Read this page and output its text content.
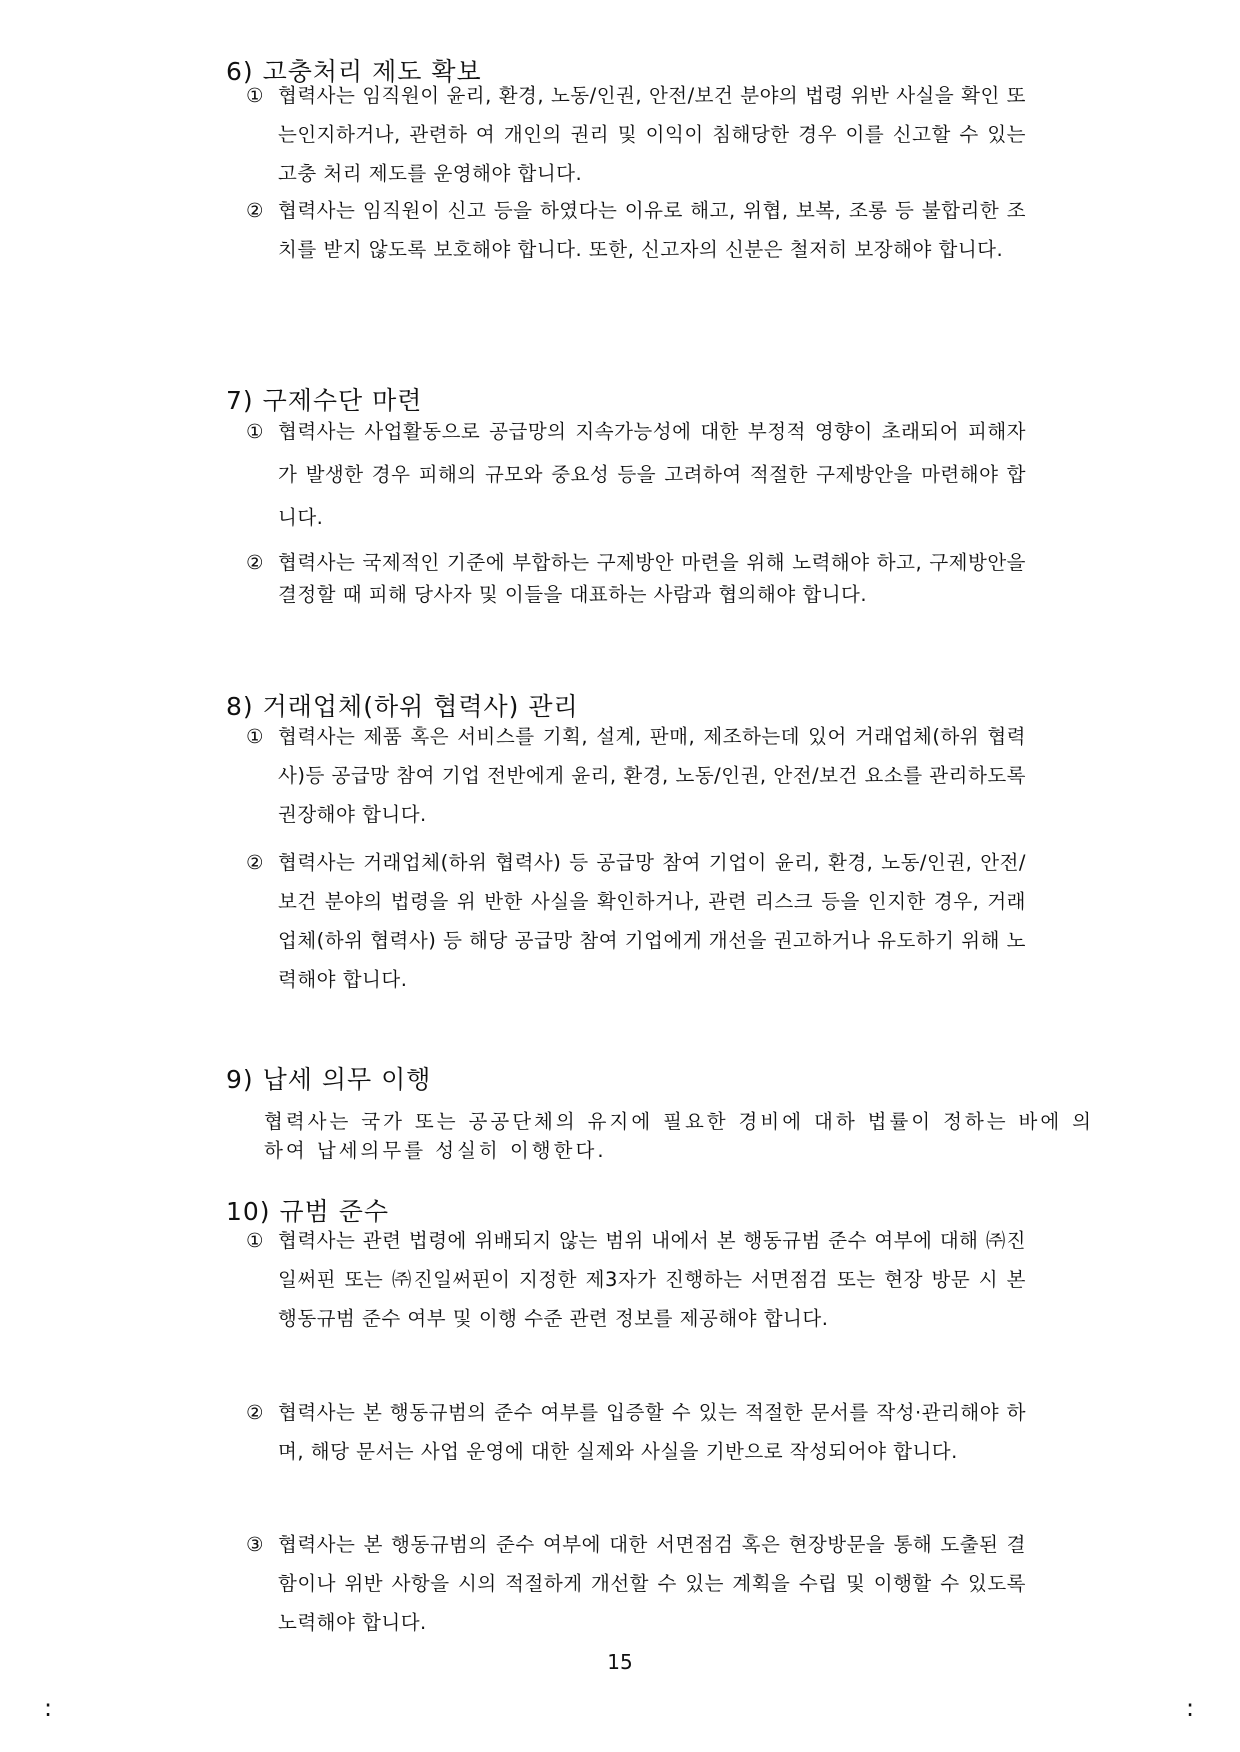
6) 고충처리 제도 확보
① 협력사는 임직원이 윤리, 환경, 노동/인권, 안전/보건 분야의 법령 위반 사실을 확인 또는인지하거나, 관련하 여 개인의 권리 및 이익이 침해당한 경우 이를 신고할 수 있는 고충 처리 제도를 운영해야 합니다.
② 협력사는 임직원이 신고 등을 하였다는 이유로 해고, 위협, 보복, 조롱 등 불합리한 조치를 받지 않도록 보호해야 합니다. 또한, 신고자의 신분은 철저히 보장해야 합니다.
7) 구제수단 마련
① 협력사는 사업활동으로 공급망의 지속가능성에 대한 부정적 영향이 초래되어 피해자가 발생한 경우 피해의 규모와 중요성 등을 고려하여 적절한 구제방안을 마련해야 합니다.
② 협력사는 국제적인 기준에 부합하는 구제방안 마련을 위해 노력해야 하고, 구제방안을 결정할 때 피해 당사자 및 이들을 대표하는 사람과 협의해야 합니다.
8) 거래업체(하위 협력사) 관리
① 협력사는 제품 혹은 서비스를 기획, 설계, 판매, 제조하는데 있어 거래업체(하위 협력사)등 공급망 참여 기업 전반에게 윤리, 환경, 노동/인권, 안전/보건 요소를 관리하도록 권장해야 합니다.
② 협력사는 거래업체(하위 협력사) 등 공급망 참여 기업이 윤리, 환경, 노동/인권, 안전/보건 분야의 법령을 위 반한 사실을 확인하거나, 관련 리스크 등을 인지한 경우, 거래업체(하위 협력사) 등 해당 공급망 참여 기업에게 개선을 권고하거나 유도하기 위해 노력해야 합니다.
9) 납세 의무 이행
협력사는 국가 또는 공공단체의 유지에 필요한 경비에 대하 법률이 정하는 바에 의하여 납세의무를 성실히 이행한다.
10) 규범 준수
① 협력사는 관련 법령에 위배되지 않는 범위 내에서 본 행동규범 준수 여부에 대해 ㈜진일써핀 또는 ㈜진일써핀이 지정한 제3자가 진행하는 서면점검 또는 현장 방문 시 본 행동규범 준수 여부 및 이행 수준 관련 정보를 제공해야 합니다.
② 협력사는 본 행동규범의 준수 여부를 입증할 수 있는 적절한 문서를 작성·관리해야 하며, 해당 문서는 사업 운영에 대한 실제와 사실을 기반으로 작성되어야 합니다.
③ 협력사는 본 행동규범의 준수 여부에 대한 서면점검 혹은 현장방문을 통해 도출된 결함이나 위반 사항을 시의 적절하게 개선할 수 있는 계획을 수립 및 이행할 수 있도록 노력해야 합니다.
15
:	:
